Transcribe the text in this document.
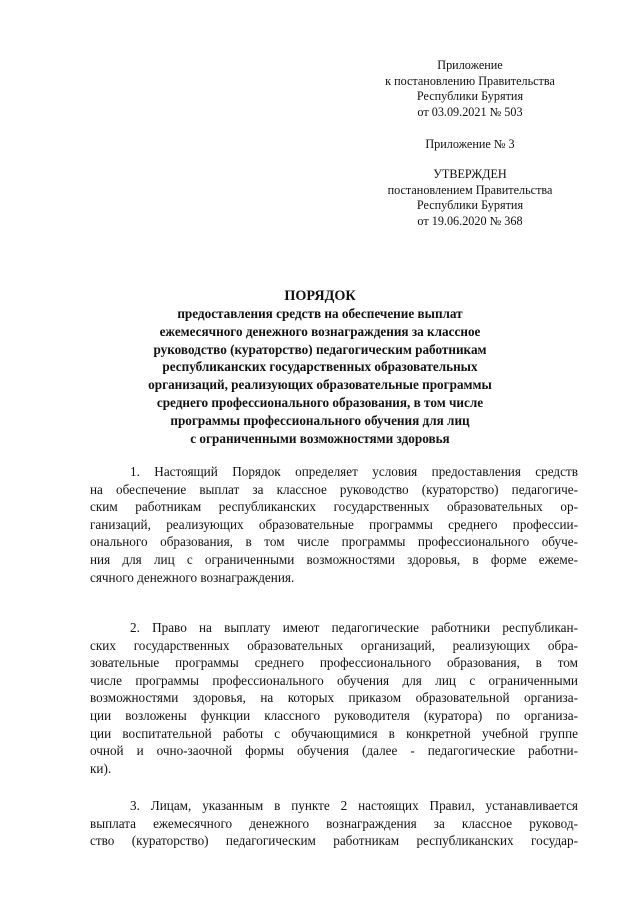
Приложение
к постановлению Правительства
Республики Бурятия
от 03.09.2021 № 503
Приложение № 3
УТВЕРЖДЕН
постановлением Правительства
Республики Бурятия
от 19.06.2020 № 368
ПОРЯДОК
предоставления средств на обеспечение выплат
ежемесячного денежного вознаграждения за классное
руководство (кураторство) педагогическим работникам
республиканских государственных образовательных
организаций, реализующих образовательные программы
среднего профессионального образования, в том числе
программы профессионального обучения для лиц
с ограниченными возможностями здоровья
1. Настоящий Порядок определяет условия предоставления средств
на обеспечение выплат за классное руководство (кураторство) педагогиче-
ским работникам республиканских государственных образовательных ор-
ганизаций, реализующих образовательные программы среднего профессии-
онального образования, в том числе программы профессионального обуче-
ния для лиц с ограниченными возможностями здоровья, в форме ежеме-
сячного денежного вознаграждения.
2. Право на выплату имеют педагогические работники республикан-
ских государственных образовательных организаций, реализующих обра-
зовательные программы среднего профессионального образования, в том
числе программы профессионального обучения для лиц с ограниченными
возможностями здоровья, на которых приказом образовательной организа-
ции возложены функции классного руководителя (куратора) по организа-
ции воспитательной работы с обучающимися в конкретной учебной группе
очной и очно-заочной формы обучения (далее - педагогические работни-
ки).
3. Лицам, указанным в пункте 2 настоящих Правил, устанавливается
выплата ежемесячного денежного вознаграждения за классное руковод-
ство (кураторство) педагогическим работникам республиканских государ-
